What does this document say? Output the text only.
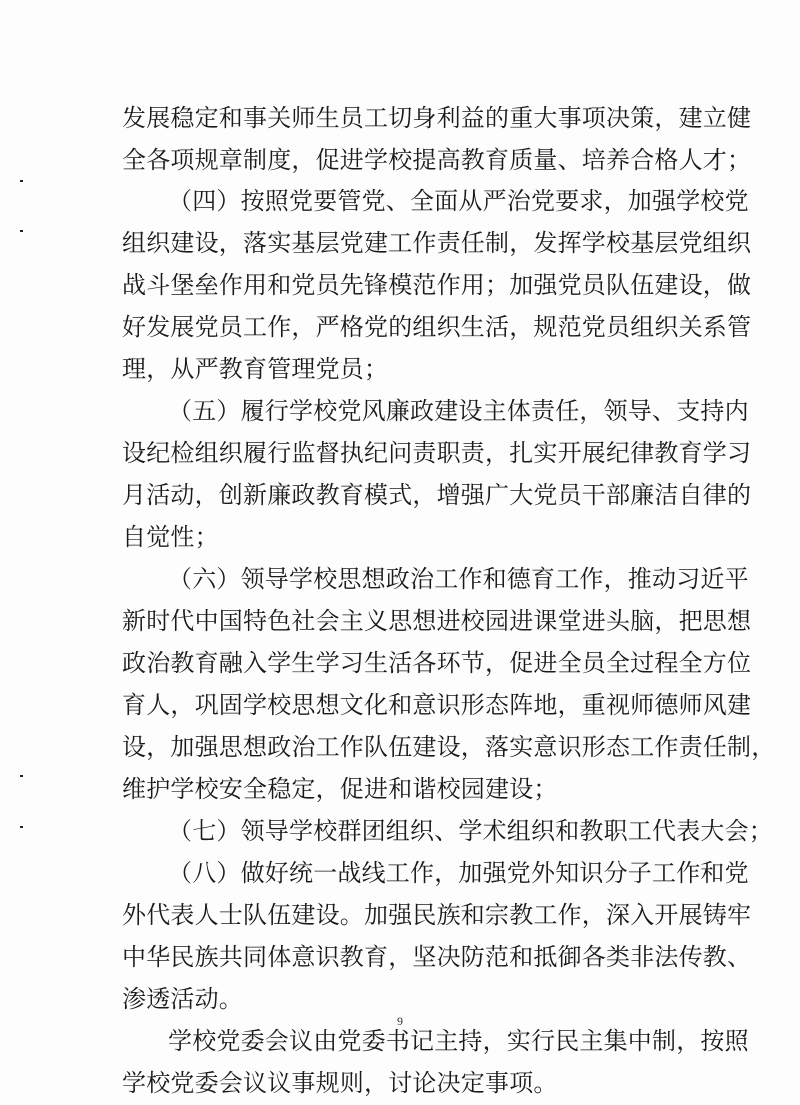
发展稳定和事关师生员工切身利益的重大事项决策，建立健
全各项规章制度，促进学校提高教育质量、培养合格人才；
（四）按照党要管党、全面从严治党要求，加强学校党
组织建设，落实基层党建工作责任制，发挥学校基层党组织
战斗堡垒作用和党员先锋模范作用；加强党员队伍建设，做
好发展党员工作，严格党的组织生活，规范党员组织关系管
理，从严教育管理党员；
（五）履行学校党风廉政建设主体责任，领导、支持内
设纪检组织履行监督执纪问责职责，扎实开展纪律教育学习
月活动，创新廉政教育模式，增强广大党员干部廉洁自律的
自觉性；
（六）领导学校思想政治工作和德育工作，推动习近平
新时代中国特色社会主义思想进校园进课堂进头脑，把思想
政治教育融入学生学习生活各环节，促进全员全过程全方位
育人，巩固学校思想文化和意识形态阵地，重视师德师风建
设，加强思想政治工作队伍建设，落实意识形态工作责任制，
维护学校安全稳定，促进和谐校园建设；
（七）领导学校群团组织、学术组织和教职工代表大会；
（八）做好统一战线工作，加强党外知识分子工作和党
外代表人士队伍建设。加强民族和宗教工作，深入开展铸牢
中华民族共同体意识教育，坚决防范和抵御各类非法传教、
渗透活动。
学校党委会议由党委书记主持，实行民主集中制，按照
学校党委会议议事规则，讨论决定事项。
9
